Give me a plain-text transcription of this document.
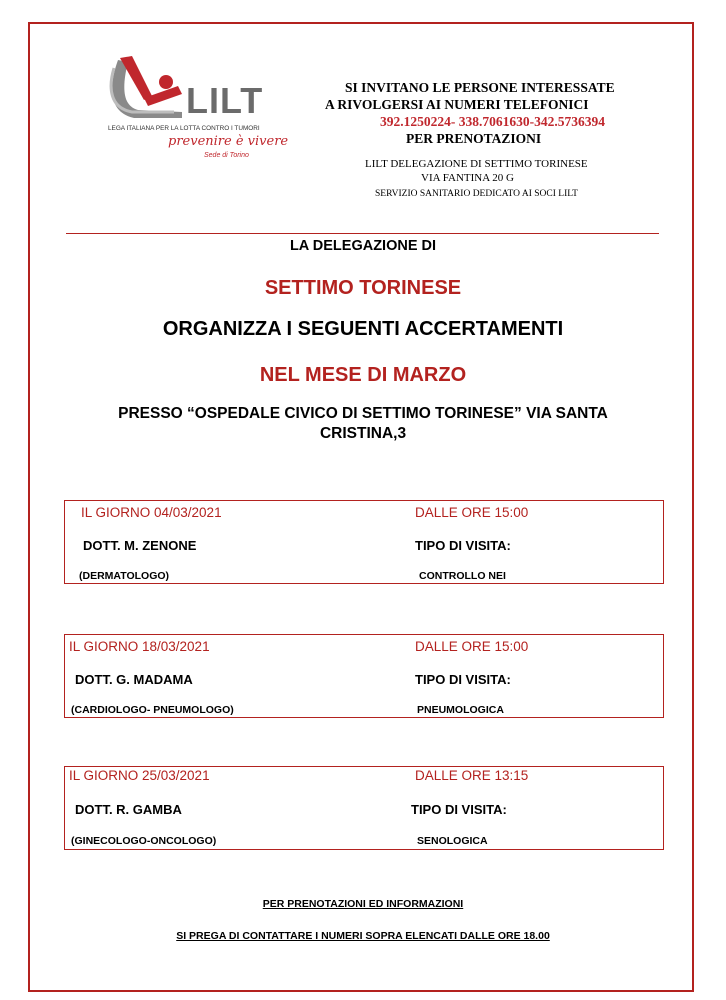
LILT
LEGA ITALIANA PER LA LOTTA CONTRO I TUMORI
prevenire è vivere
Sede di Torino
SI INVITANO LE PERSONE INTERESSATE
A RIVOLGERSI AI NUMERI TELEFONICI
392.1250224- 338.7061630-342.5736394
PER PRENOTAZIONI
LILT DELEGAZIONE DI SETTIMO TORINESE
VIA FANTINA 20 G
SERVIZIO SANITARIO DEDICATO AI SOCI LILT
LA DELEGAZIONE DI
SETTIMO TORINESE
ORGANIZZA I SEGUENTI ACCERTAMENTI
NEL MESE DI MARZO
PRESSO “OSPEDALE CIVICO DI SETTIMO TORINESE” VIA SANTA
CRISTINA,3
IL GIORNO 04/03/2021	DALLE ORE 15:00
DOTT. M. ZENONE	TIPO DI VISITA:
(DERMATOLOGO)	CONTROLLO NEI
IL GIORNO 18/03/2021	DALLE ORE 15:00
DOTT. G. MADAMA	TIPO DI VISITA:
(CARDIOLOGO- PNEUMOLOGO)	PNEUMOLOGICA
IL GIORNO 25/03/2021	DALLE ORE 13:15
DOTT. R. GAMBA	TIPO DI VISITA:
(GINECOLOGO-ONCOLOGO)	SENOLOGICA
PER PRENOTAZIONI ED INFORMAZIONI
SI PREGA DI CONTATTARE I NUMERI SOPRA ELENCATI DALLE ORE 18.00
